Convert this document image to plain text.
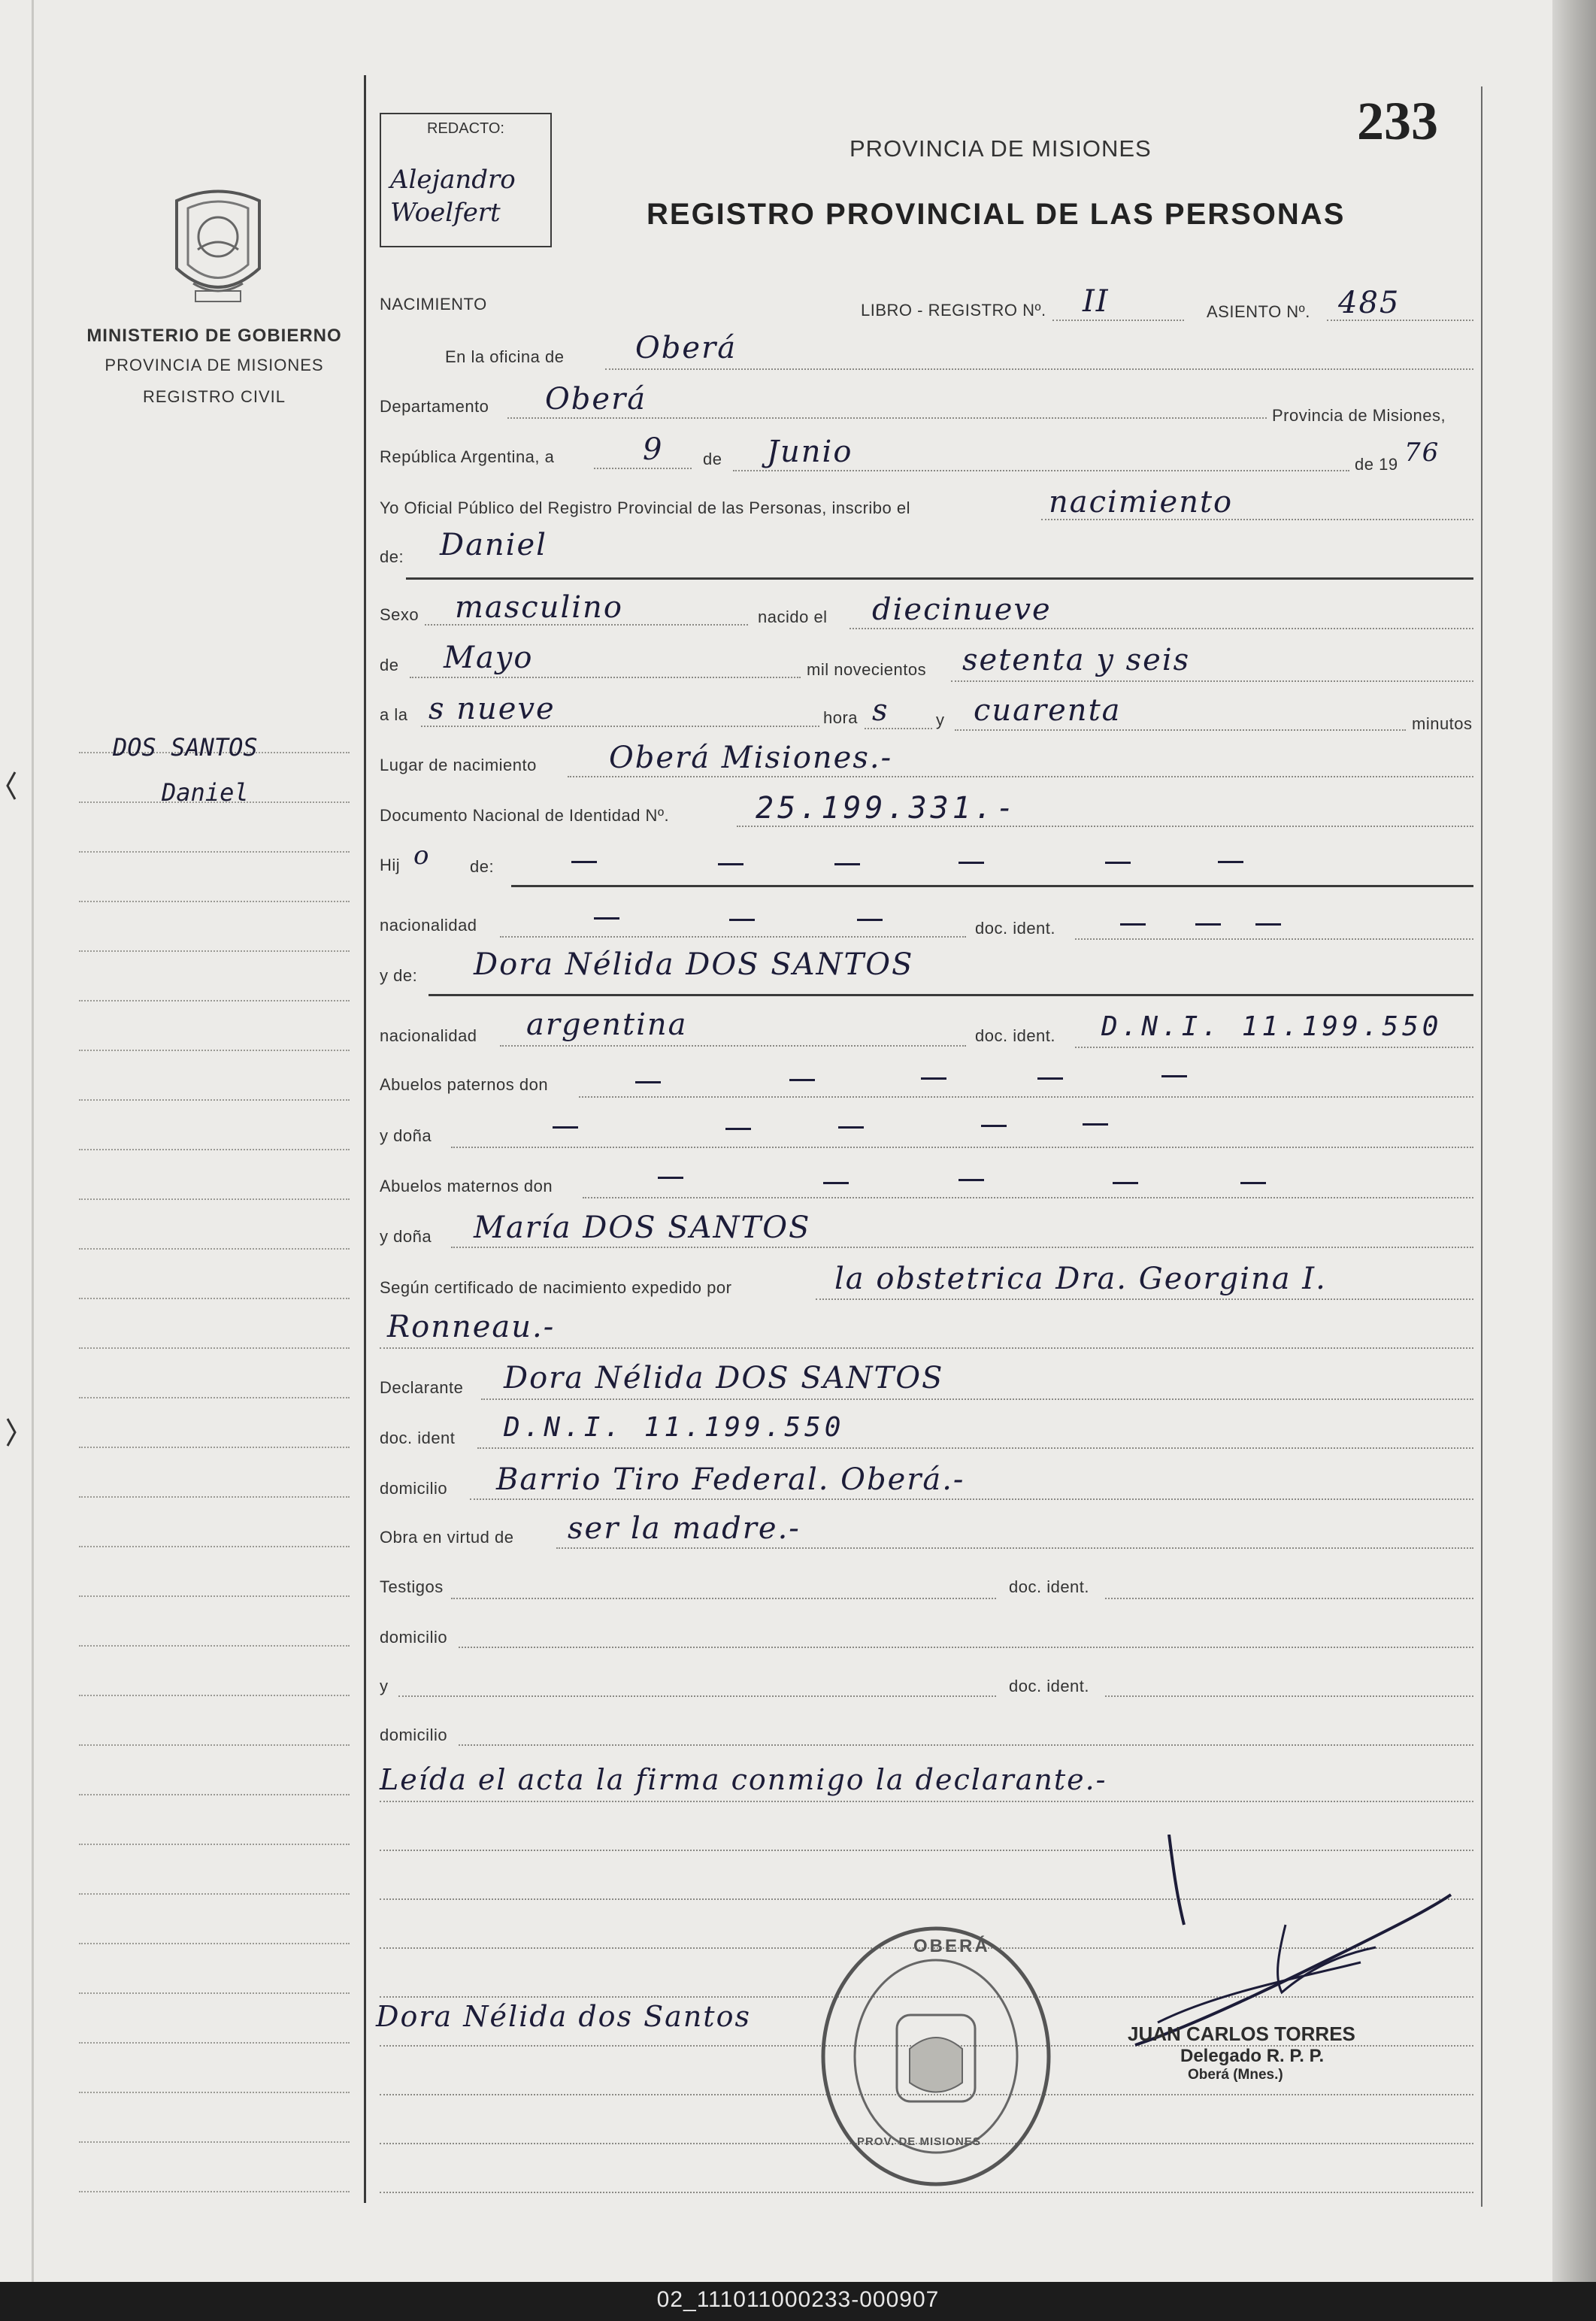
MINISTERIO DE GOBIERNO
PROVINCIA DE MISIONES
REGISTRO CIVIL
DOS SANTOS
Daniel
REDACTO:
Alejandro
Woelfert
233
PROVINCIA DE MISIONES
REGISTRO PROVINCIAL DE LAS PERSONAS
NACIMIENTO	LIBRO - REGISTRO Nº. II	ASIENTO Nº. 485
En la oficina de Oberá
Departamento Oberá	Provincia de Misiones,
República Argentina, a	9 de Junio	de 19 76
Yo Oficial Público del Registro Provincial de las Personas, inscribo el	nacimiento
de: Daniel
Sexo masculino	nacido el diecinueve
de Mayo	mil novecientos setenta y seis
a la s nueve	hora s	y cuarenta	minutos
Lugar de nacimiento Oberá Misiones.-
Documento Nacional de Identidad Nº.	25.199.331.-
Hij o de:
nacionalidad	doc. ident.
y de: Dora Nélida DOS SANTOS
nacionalidad argentina	doc. ident. D.N.I. 11.199.550
Abuelos paternos don
y doña
Abuelos maternos don
y doña María DOS SANTOS
Según certificado de nacimiento expedido por	la obstetrica Dra. Georgina I.
Ronneau.-
Declarante Dora Nélida DOS SANTOS
doc. ident D.N.I. 11.199.550
domicilio Barrio Tiro Federal. Oberá.-
Obra en virtud de ser la madre.-
Testigos	doc. ident.
domicilio
y	doc. ident.
domicilio
Leída el acta la firma conmigo la declarante.-
Dora Nélida dos Santos
OBERÁ
PROV. DE MISIONES
JUAN CARLOS TORRES
Delegado R. P. P.
Oberá (Mnes.)
02_111011000233-000907
